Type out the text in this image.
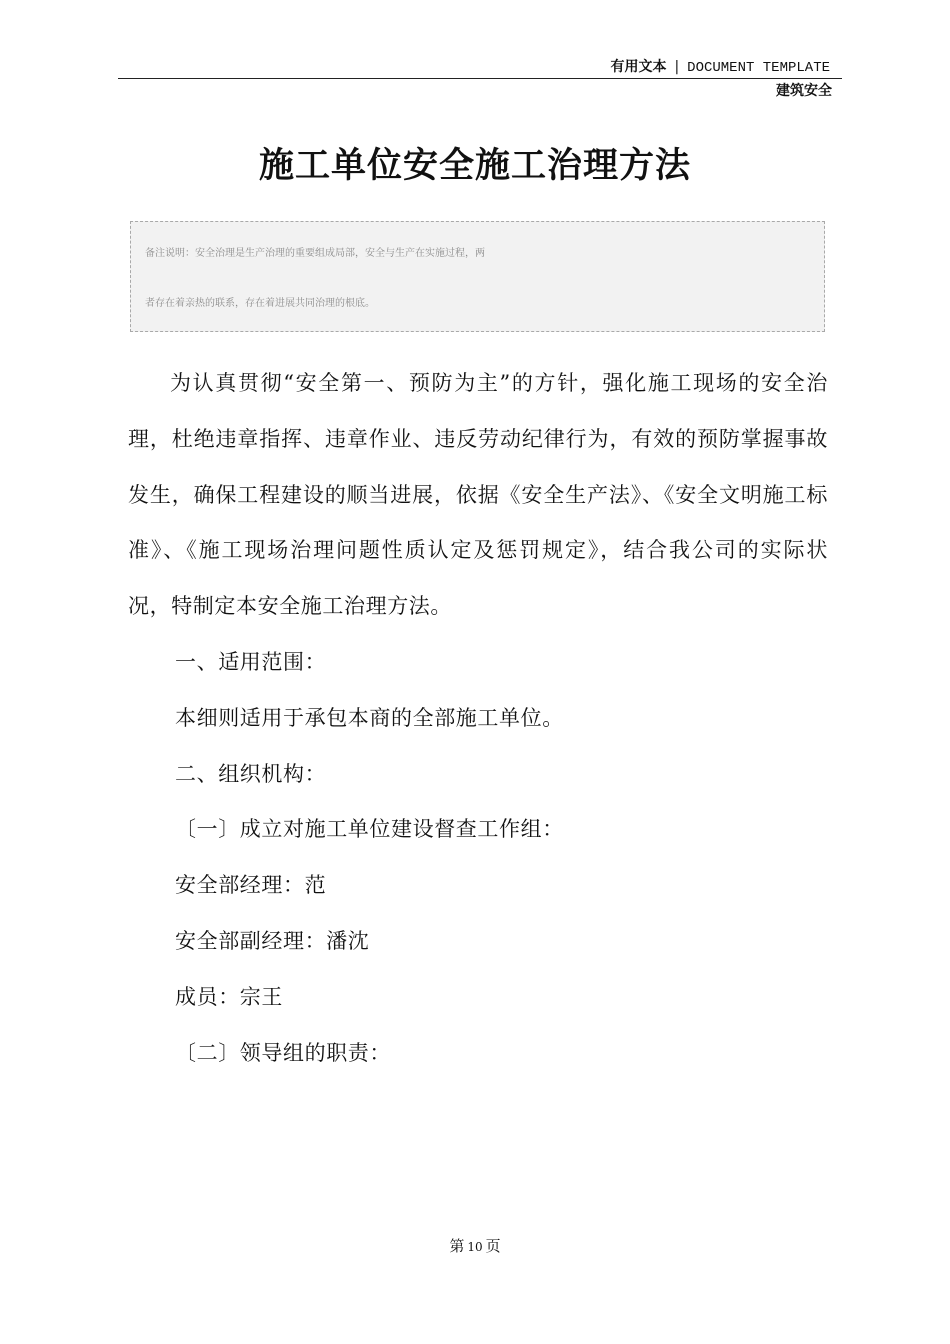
有用文本 | DOCUMENT TEMPLATE
建筑安全
施工单位安全施工治理方法
备注说明：安全治理是生产治理的重要组成局部，安全与生产在实施过程，两
者存在着亲热的联系，存在着进展共同治理的根底。

为认真贯彻“安全第一、预防为主”的方针，强化施工现场的安全治理，杜绝违章指挥、违章作业、违反劳动纪律行为，有效的预防掌握事故发生，确保工程建设的顺当进展，依据《安全生产法》、《安全文明施工标准》、《施工现场治理问题性质认定及惩罚规定》，结合我公司的实际状况，特制定本安全施工治理方法。

一、适用范围：

本细则适用于承包本商的全部施工单位。

二、组织机构：

〔一〕成立对施工单位建设督查工作组：

安全部经理：范

安全部副经理：潘沈

成员：宗王

〔二〕领导组的职责：

第 10 页
